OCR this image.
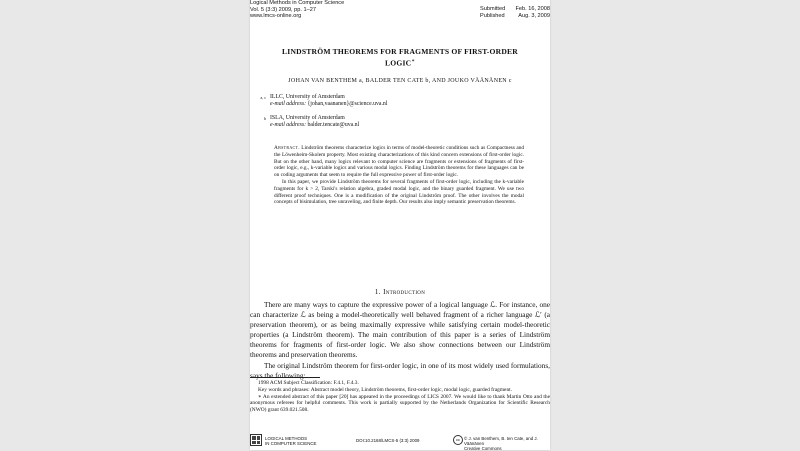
Logical Methods in Computer Science
Vol. 5 (3:3) 2009, pp. 1–27
www.lmcs-online.org
Submitted Feb. 16, 2008
Published Aug. 3, 2009
LINDSTRÖM THEOREMS FOR FRAGMENTS OF FIRST-ORDER
LOGIC∗
JOHAN VAN BENTHEM a, BALDER TEN CATE b, AND JOUKO VÄÄNÄNEN c
a, c ILLC, University of Amsterdam
e-mail address: {johan,vaananen}@science.uva.nl
b ISLA, University of Amsterdam
e-mail address: balder.tencate@uva.nl

Abstract. Lindström theorems characterize logics in terms of model-theoretic conditions such as Compactness and the Löwenheim-Skolem property. Most existing characterizations of this kind concern extensions of first-order logic. But on the other hand, many logics relevant to computer science are fragments or extensions of fragments of first-order logic, e.g., k-variable logics and various modal logics. Finding Lindström theorems for these languages can be on coding arguments that seem to require the full expressive power of first-order logic.

In this paper, we provide Lindström theorems for several fragments of first-order logic, including the k-variable fragments for k > 2, Tarski's relation algebra, graded modal logic, and the binary guarded fragment. We use two different proof techniques. One is a modification of the original Lindström proof. The other involves the modal concepts of bisimulation, tree unraveling, and finite depth. Our results also imply semantic preservation theorems.

1. Introduction

There are many ways to capture the expressive power of a logical language ℒ. For instance, one can characterize ℒ as being a model-theoretically well behaved fragment of a richer language ℒ′ (a preservation theorem), or as being maximally expressive while satisfying certain model-theoretic properties (a Lindström theorem). The main contribution of this paper is a series of Lindström theorems for fragments of first-order logic. We also show connections between our Lindström theorems and preservation theorems.

The original Lindström theorem for first-order logic, in one of its most widely used formulations, says the following:

1998 ACM Subject Classification: F.4.1, F.4.3.

Key words and phrases: Abstract model theory, Lindström theorems, first-order logic, modal logic, guarded fragment.

∗ An extended abstract of this paper [20] has appeared in the proceedings of LICS 2007. We would like to thank Martin Otto and the anonymous referees for helpful comments. This work is partially supported by the Netherlands Organization for Scientific Research (NWO) grant 639.021.508.

LOGICAL METHODS
IN COMPUTER SCIENCE
DOI:10.2168/LMCS-5 (3:3) 2009	cc © J. van Benthem, B. ten Cate, and J. Väänänen
Creative Commons
